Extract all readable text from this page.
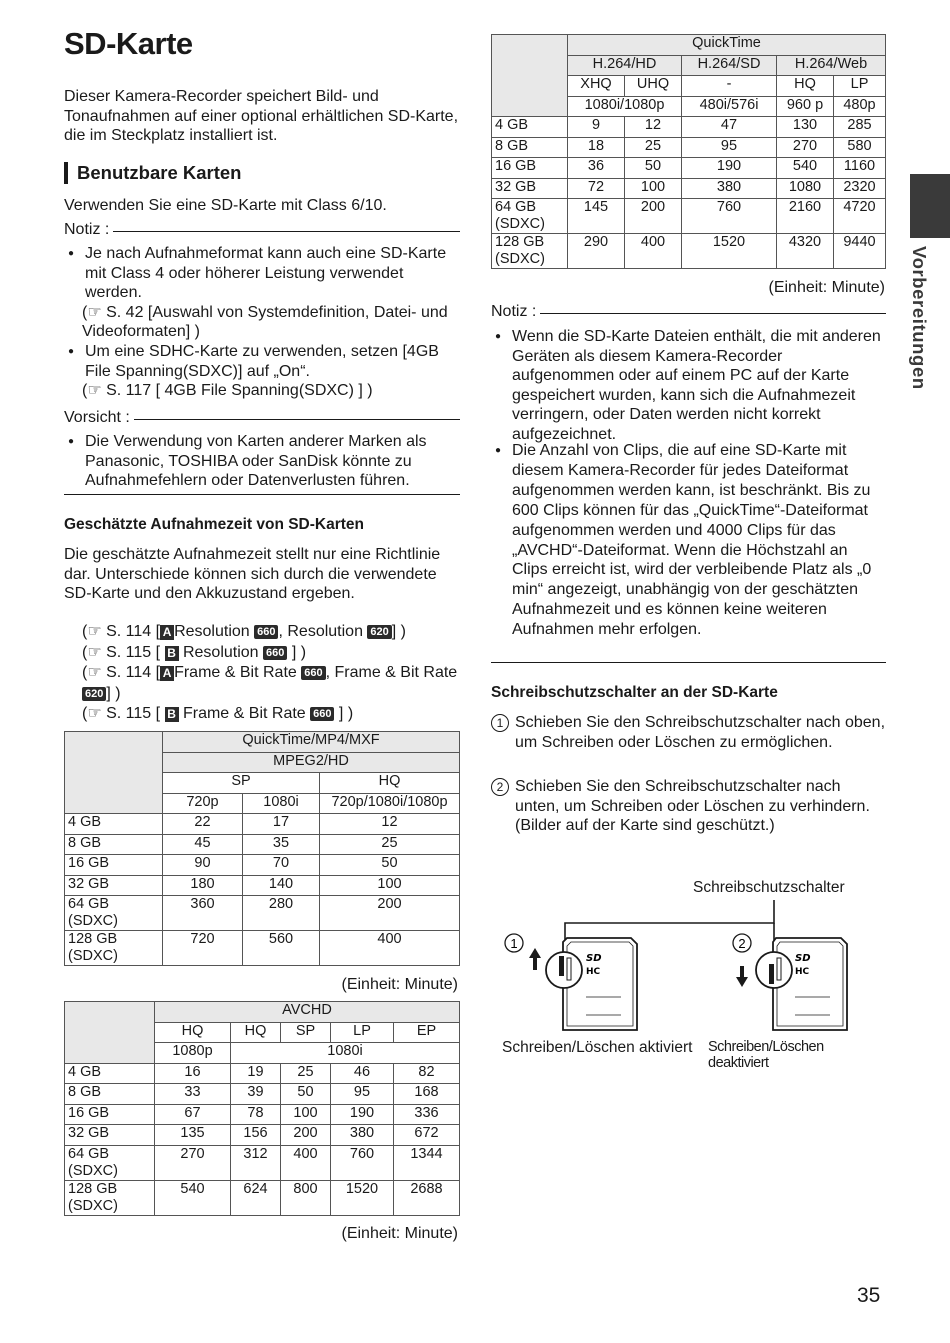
SD-Karte

Dieser Kamera-Recorder speichert Bild- und Tonaufnahmen auf einer optional erhältlichen SD-Karte, die im Steckplatz installiert ist.

Benutzbare Karten

Verwenden Sie eine SD-Karte mit Class 6/10.

Notiz :
● Je nach Aufnahmeformat kann auch eine SD-Karte mit Class 4 oder höherer Leistung verwendet werden.
(☞ S. 42 [Auswahl von Systemdefinition, Datei- und Videoformaten] )
● Um eine SDHC-Karte zu verwenden, setzen [4GB File Spanning(SDXC)] auf „On“.
(☞ S. 117 [ 4GB File Spanning(SDXC) ] )
Vorsicht :
● Die Verwendung von Karten anderer Marken als Panasonic, TOSHIBA oder SanDisk könnte zu Aufnahmefehlern oder Datenverlusten führen.
Geschätzte Aufnahmezeit von SD-Karten

Die geschätzte Aufnahmezeit stellt nur eine Richtlinie dar. Unterschiede können sich durch die verwendete SD-Karte und den Akkuzustand ergeben.

(☞ S. 114 [ A Resolution 660 , Resolution 620 ] )
(☞ S. 115 [ B Resolution 660 ] )
(☞ S. 114 [ A Frame & Bit Rate 660 , Frame & Bit Rate 620 ] )
(☞ S. 115 [ B Frame & Bit Rate 660 ] )
	QuickTime/MP4/MXF		
	MPEG2/HD		
	SP		HQ
	720p	1080i	720p/1080i/1080p
4 GB	22	17	12
8 GB	45	35	25
16 GB	90	70	50
32 GB	180	140	100
64 GB
(SDXC)	360	280	200
128 GB
(SDXC)	720	560	400
(Einheit: Minute)
	AVCHD				
	HQ	HQ	SP	LP	EP
	1080p	1080i			
4 GB	16	19	25	46	82
8 GB	33	39	50	95	168
16 GB	67	78	100	190	336
32 GB	135	156	200	380	672
64 GB
(SDXC)	270	312	400	760	1344
128 GB
(SDXC)	540	624	800	1520	2688
(Einheit: Minute)
	QuickTime				
	H.264/HD		H.264/SD	H.264/Web	
	XHQ	UHQ	-	HQ	LP
	1080i/1080p		480i/576i	960 p	480p
4 GB	9	12	47	130	285
8 GB	18	25	95	270	580
16 GB	36	50	190	540	1160
32 GB	72	100	380	1080	2320
64 GB
(SDXC)	145	200	760	2160	4720
128 GB
(SDXC)	290	400	1520	4320	9440
(Einheit: Minute)
Notiz :
● Wenn die SD-Karte Dateien enthält, die mit anderen Geräten als diesem Kamera-Recorder aufgenommen oder auf einem PC auf der Karte gespeichert wurden, kann sich die Aufnahmezeit verringern, oder Daten werden nicht korrekt aufgezeichnet.
● Die Anzahl von Clips, die auf eine SD-Karte mit diesem Kamera-Recorder für jedes Dateiformat aufgenommen werden kann, ist beschränkt. Bis zu 600 Clips können für das „QuickTime“-Dateiformat aufgenommen werden und 4000 Clips für das „AVCHD“-Dateiformat. Wenn die Höchstzahl an Clips erreicht ist, wird der verbleibende Platz als „0 min“ angezeigt, unabhängig von der geschätzten Aufnahmezeit und es können keine weiteren Aufnahmen mehr erfolgen.
Schreibschutzschalter an der SD-Karte
1 Schieben Sie den Schreibschutzschalter nach oben, um Schreiben oder Löschen zu ermöglichen.
2 Schieben Sie den Schreibschutzschalter nach unten, um Schreiben oder Löschen zu verhindern. (Bilder auf der Karte sind geschützt.)
Schreibschutzschalter
1
SD
HC
2
SD
HC
Schreiben/Löschen aktiviert Schreiben/Löschen deaktiviert
Vorbereitungen
35
